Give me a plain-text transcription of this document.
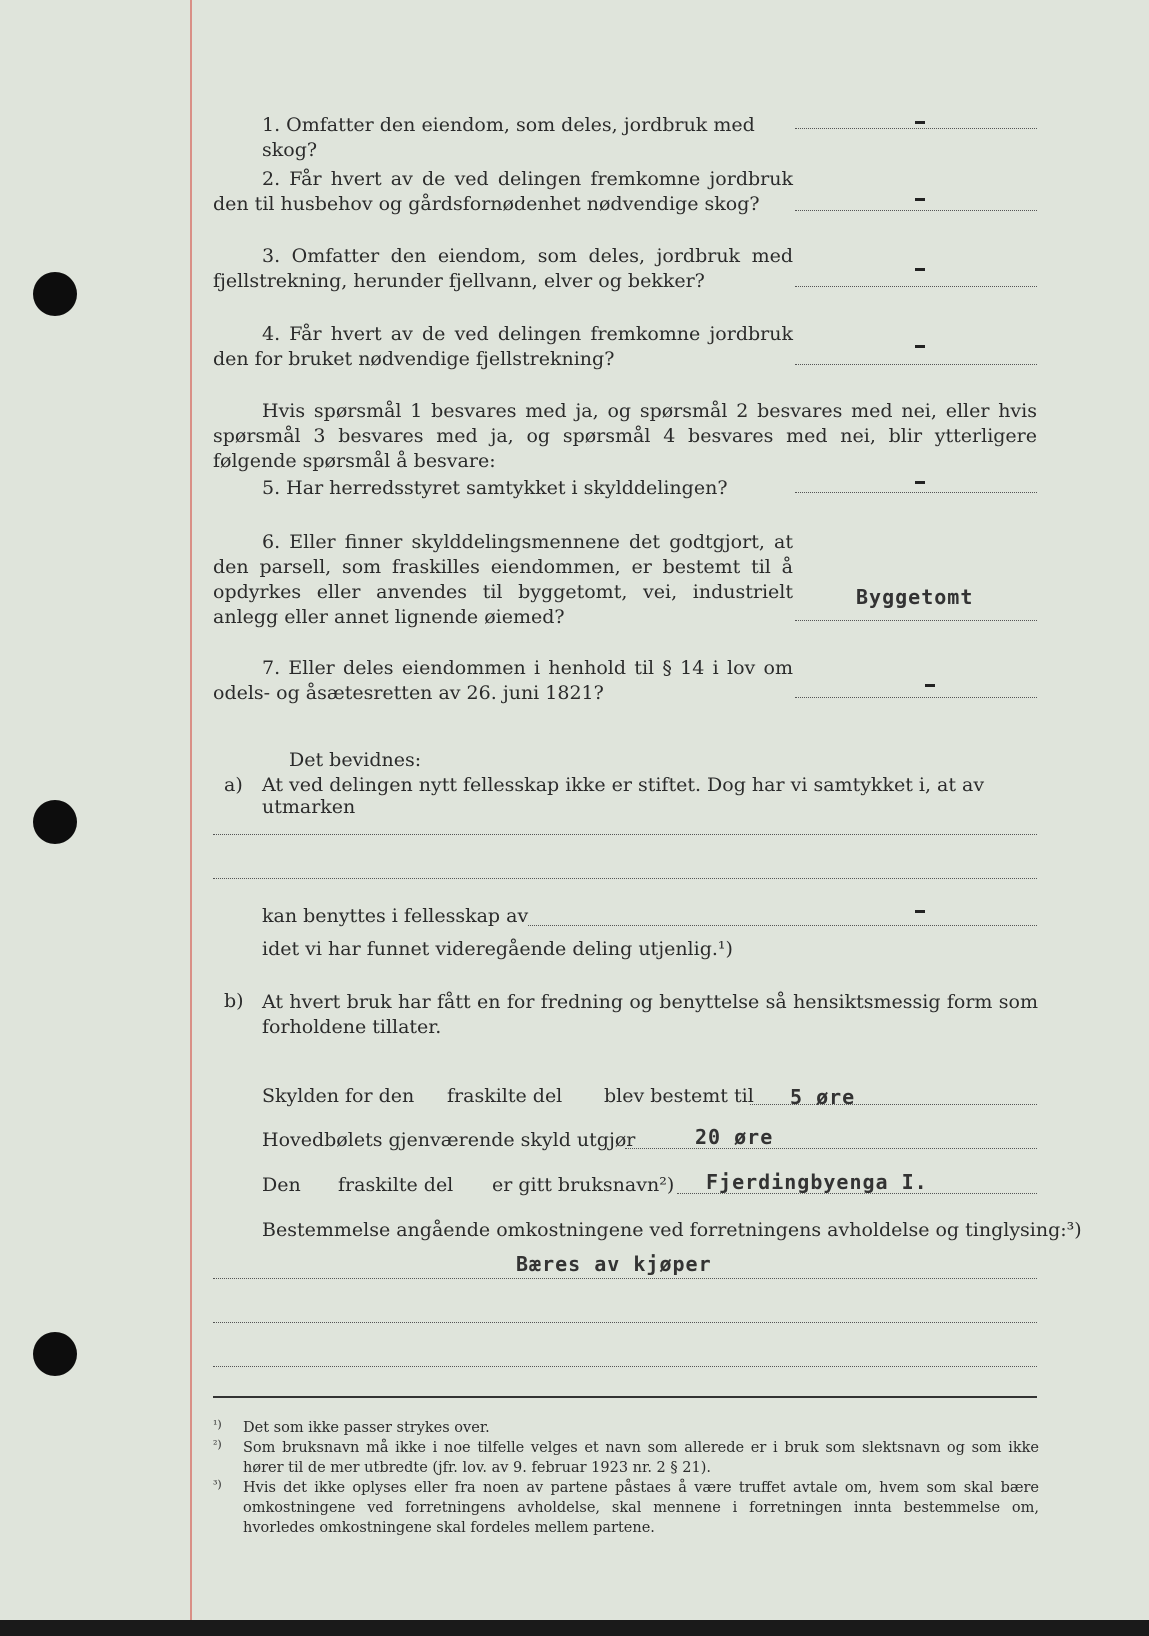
1. Omfatter den eiendom, som deles, jordbruk med skog?
2. Får hvert av de ved delingen fremkomne jordbruk den til husbehov og gårdsfornødenhet nødvendige skog?
3. Omfatter den eiendom, som deles, jordbruk med fjellstrekning, herunder fjellvann, elver og bekker?
4. Får hvert av de ved delingen fremkomne jordbruk den for bruket nødvendige fjellstrekning?
Hvis spørsmål 1 besvares med ja, og spørsmål 2 besvares med nei, eller hvis spørsmål 3 besvares med ja, og spørsmål 4 besvares med nei, blir ytterligere følgende spørsmål å besvare:
5. Har herredsstyret samtykket i skylddelingen?
6. Eller finner skylddelingsmennene det godtgjort, at den parsell, som fraskilles eiendommen, er bestemt til å opdyrkes eller anvendes til byggetomt, vei, industrielt anlegg eller annet lignende øiemed?
Byggetomt
7. Eller deles eiendommen i henhold til § 14 i lov om odels- og åsætesretten av 26. juni 1821?
Det bevidnes:
a) At ved delingen nytt fellesskap ikke er stiftet. Dog har vi samtykket i, at av utmarken
kan benyttes i fellesskap av
idet vi har funnet videregående deling utjenlig.¹)
b) At hvert bruk har fått en for fredning og benyttelse så hensiktsmessig form som forholdene tillater.
Skylden for den fraskilte del blev bestemt til 5 øre
Hovedbølets gjenværende skyld utgjør	20 øre
Den fraskilte del er gitt bruksnavn²) Fjerdingbyenga I.
Bestemmelse angående omkostningene ved forretningens avholdelse og tinglysing:³)
Bæres av kjøper
¹) Det som ikke passer strykes over.
²) Som bruksnavn må ikke i noe tilfelle velges et navn som allerede er i bruk som slektsnavn og som ikke hører til de mer utbredte (jfr. lov. av 9. februar 1923 nr. 2 § 21).
³) Hvis det ikke oplyses eller fra noen av partene påstaes å være truffet avtale om, hvem som skal bære omkostningene ved forretningens avholdelse, skal mennene i forretningen innta bestemmelse om, hvorledes omkostningene skal fordeles mellem partene.
